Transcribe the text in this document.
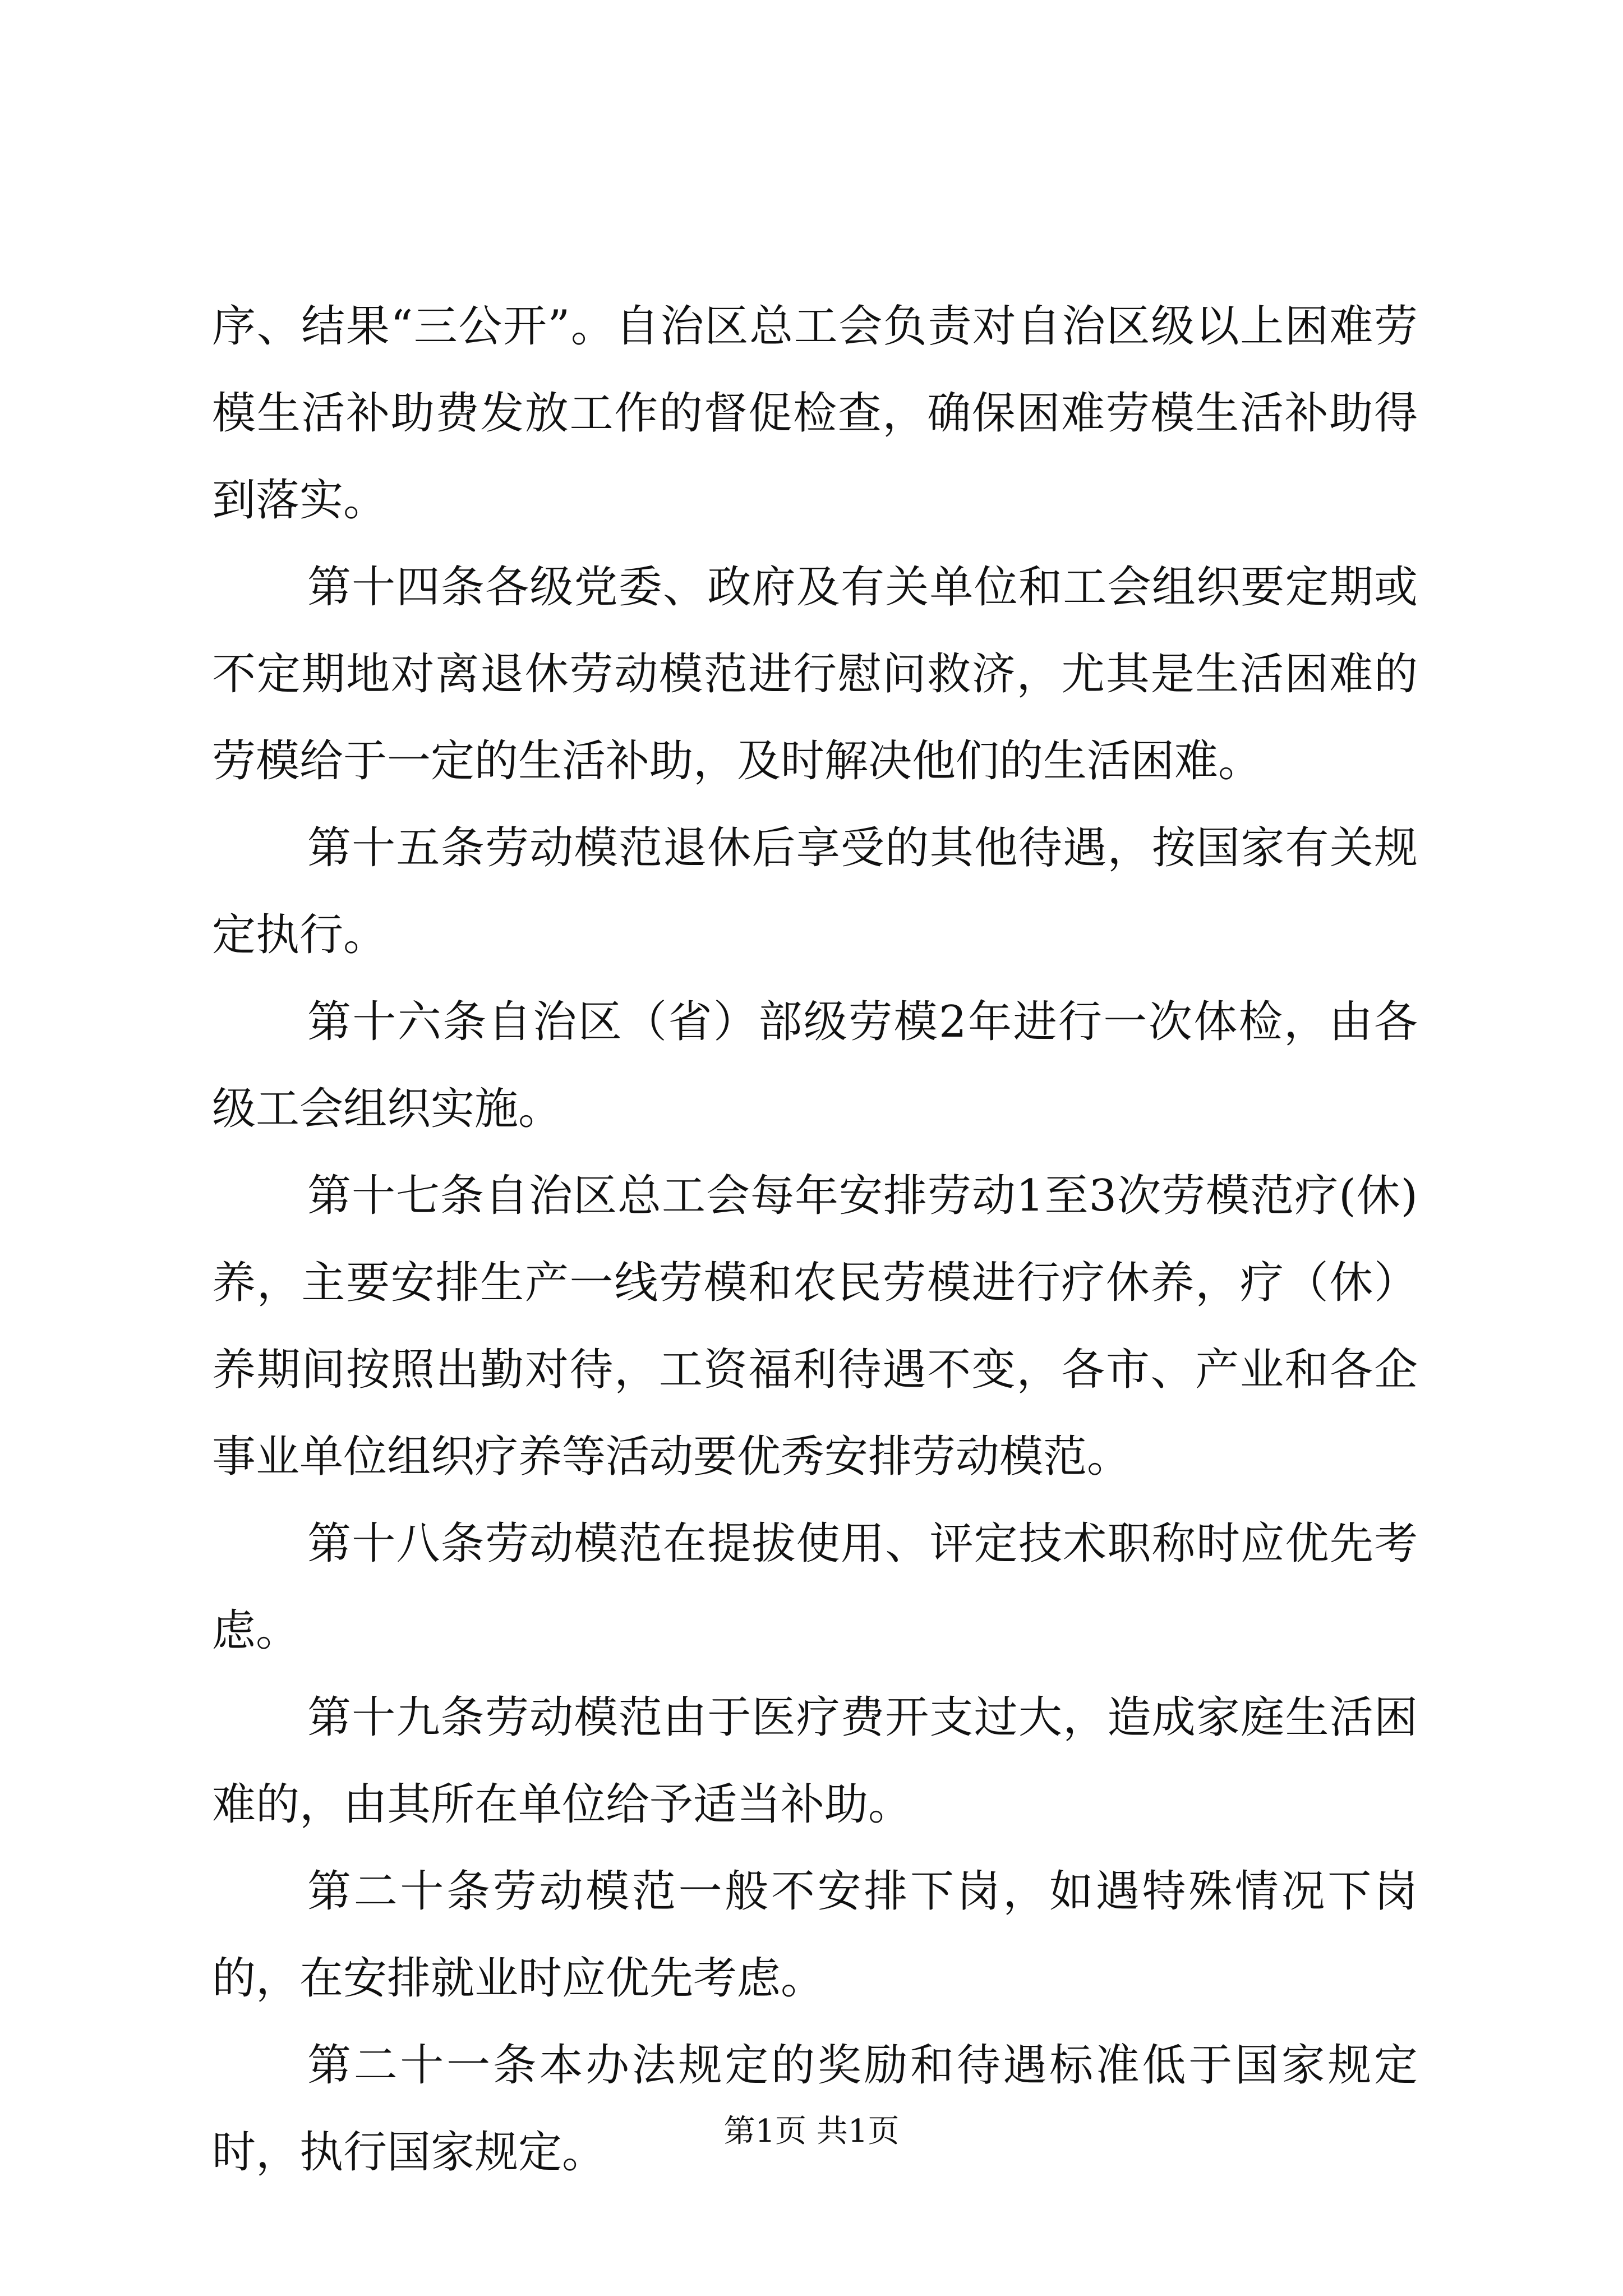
序、结果“三公开”。自治区总工会负责对自治区级以上困难劳模生活补助费发放工作的督促检查，确保困难劳模生活补助得到落实。

第十四条各级党委、政府及有关单位和工会组织要定期或不定期地对离退休劳动模范进行慰问救济，尤其是生活困难的劳模给于一定的生活补助，及时解决他们的生活困难。

第十五条劳动模范退休后享受的其他待遇，按国家有关规定执行。

第十六条自治区（省）部级劳模2年进行一次体检，由各级工会组织实施。

第十七条自治区总工会每年安排劳动1至3次劳模范疗(休)养，主要安排生产一线劳模和农民劳模进行疗休养，疗（休）养期间按照出勤对待，工资福利待遇不变，各市、产业和各企事业单位组织疗养等活动要优秀安排劳动模范。

第十八条劳动模范在提拔使用、评定技术职称时应优先考虑。

第十九条劳动模范由于医疗费开支过大，造成家庭生活困难的，由其所在单位给予适当补助。

第二十条劳动模范一般不安排下岗，如遇特殊情况下岗的，在安排就业时应优先考虑。

第二十一条本办法规定的奖励和待遇标准低于国家规定时，执行国家规定。	第1页 共1页
